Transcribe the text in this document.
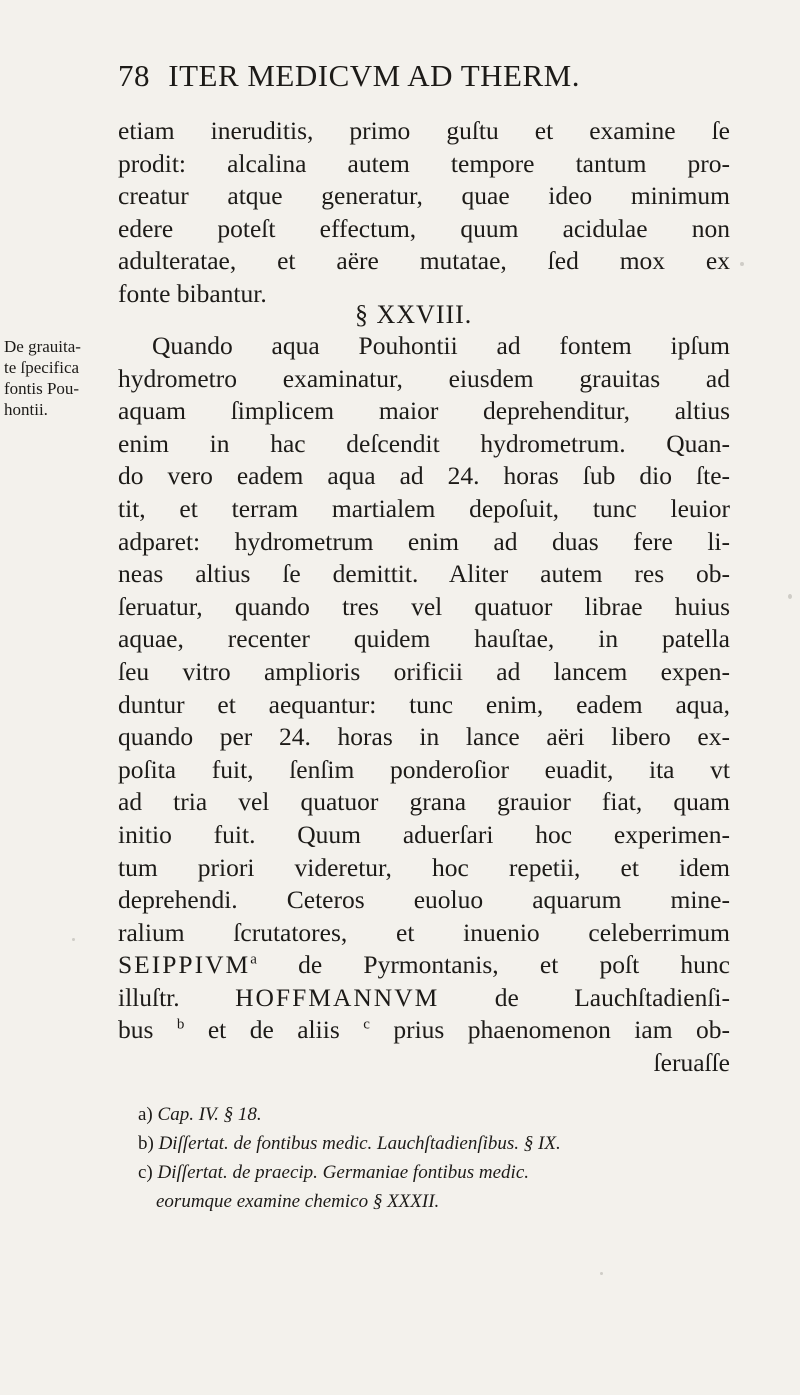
78 ITER MEDICVM AD THERM.
etiam ineruditis, primo guſtu et examine ſe
prodit: alcalina autem tempore tantum pro-
creatur atque generatur, quae ideo minimum
edere poteſt effectum, quum acidulae non
adulteratae, et aëre mutatae, ſed mox ex
fonte bibantur.
§ XXVIII.
De grauita-
te ſpecifica
fontis Pou-
hontii.
Quando aqua Pouhontii ad fontem ipſum
hydrometro examinatur, eiusdem grauitas ad
aquam ſimplicem maior deprehenditur, altius
enim in hac deſcendit hydrometrum. Quan-
do vero eadem aqua ad 24. horas ſub dio ſte-
tit, et terram martialem depoſuit, tunc leuior
adparet: hydrometrum enim ad duas fere li-
neas altius ſe demittit. Aliter autem res ob-
ſeruatur, quando tres vel quatuor librae huius
aquae, recenter quidem hauſtae, in patella
ſeu vitro amplioris orificii ad lancem expen-
duntur et aequantur: tunc enim, eadem aqua,
quando per 24. horas in lance aëri libero ex-
poſita fuit, ſenſim ponderoſior euadit, ita vt
ad tria vel quatuor grana grauior fiat, quam
initio fuit. Quum aduerſari hoc experimen-
tum priori videretur, hoc repetii, et idem
deprehendi. Ceteros euoluo aquarum mine-
ralium ſcrutatores, et inuenio celeberrimum
SEIPPIVM$^a$ de Pyrmontanis, et poſt hunc
illuſtr. HOFFMANNVM de Lauchſtadienſi-
bus $^b$ et de aliis $^c$ prius phaenomenon iam ob-
ſeruaſſe
a) Cap. IV. § 18.
b) Diſſertat. de fontibus medic. Lauchſtadienſibus. § IX.
c) Diſſertat. de praecip. Germaniae fontibus medic.
eorumque examine chemico § XXXII.
